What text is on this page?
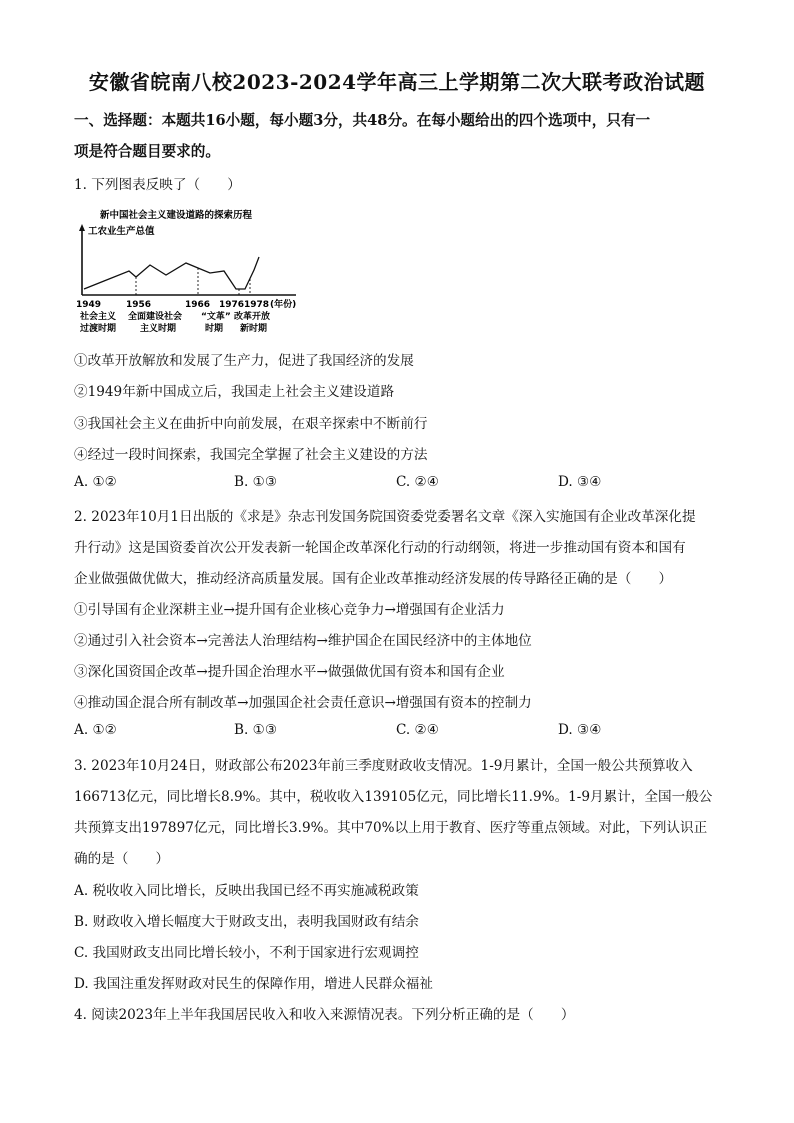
安徽省皖南八校2023-2024学年高三上学期第二次大联考政治试题
一、选择题：本题共16小题，每小题3分，共48分。在每小题给出的四个选项中，只有一
项是符合题目要求的。
1. 下列图表反映了（　　）
新中国社会主义建设道路的探索历程
工农业生产总值
1949	1956	1966 1976 1978 (年份)
社会主义 全面建设社会 “文革” 改革开放
过渡时期	主义时期	时期 新时期
①改革开放解放和发展了生产力，促进了我国经济的发展
②1949年新中国成立后，我国走上社会主义建设道路
③我国社会主义在曲折中向前发展，在艰辛探索中不断前行
④经过一段时间探索，我国完全掌握了社会主义建设的方法
A. ①②	B. ①③	C. ②④	D. ③④
2. 2023年10月1日出版的《求是》杂志刊发国务院国资委党委署名文章《深入实施国有企业改革深化提
升行动》这是国资委首次公开发表新一轮国企改革深化行动的行动纲领，将进一步推动国有资本和国有
企业做强做优做大，推动经济高质量发展。国有企业改革推动经济发展的传导路径正确的是（　　）
①引导国有企业深耕主业→提升国有企业核心竞争力→增强国有企业活力
②通过引入社会资本→完善法人治理结构→维护国企在国民经济中的主体地位
③深化国资国企改革→提升国企治理水平→做强做优国有资本和国有企业
④推动国企混合所有制改革→加强国企社会责任意识→增强国有资本的控制力
A. ①②	B. ①③	C. ②④	D. ③④
3. 2023年10月24日，财政部公布2023年前三季度财政收支情况。1-9月累计，全国一般公共预算收入
166713亿元，同比增长8.9%。其中，税收收入139105亿元，同比增长11.9%。1-9月累计，全国一般公
共预算支出197897亿元，同比增长3.9%。其中70%以上用于教育、医疗等重点领域。对此，下列认识正
确的是（　　）
A. 税收收入同比增长，反映出我国已经不再实施减税政策
B. 财政收入增长幅度大于财政支出，表明我国财政有结余
C. 我国财政支出同比增长较小，不利于国家进行宏观调控
D. 我国注重发挥财政对民生的保障作用，增进人民群众福祉
4. 阅读2023年上半年我国居民收入和收入来源情况表。下列分析正确的是（　　）
